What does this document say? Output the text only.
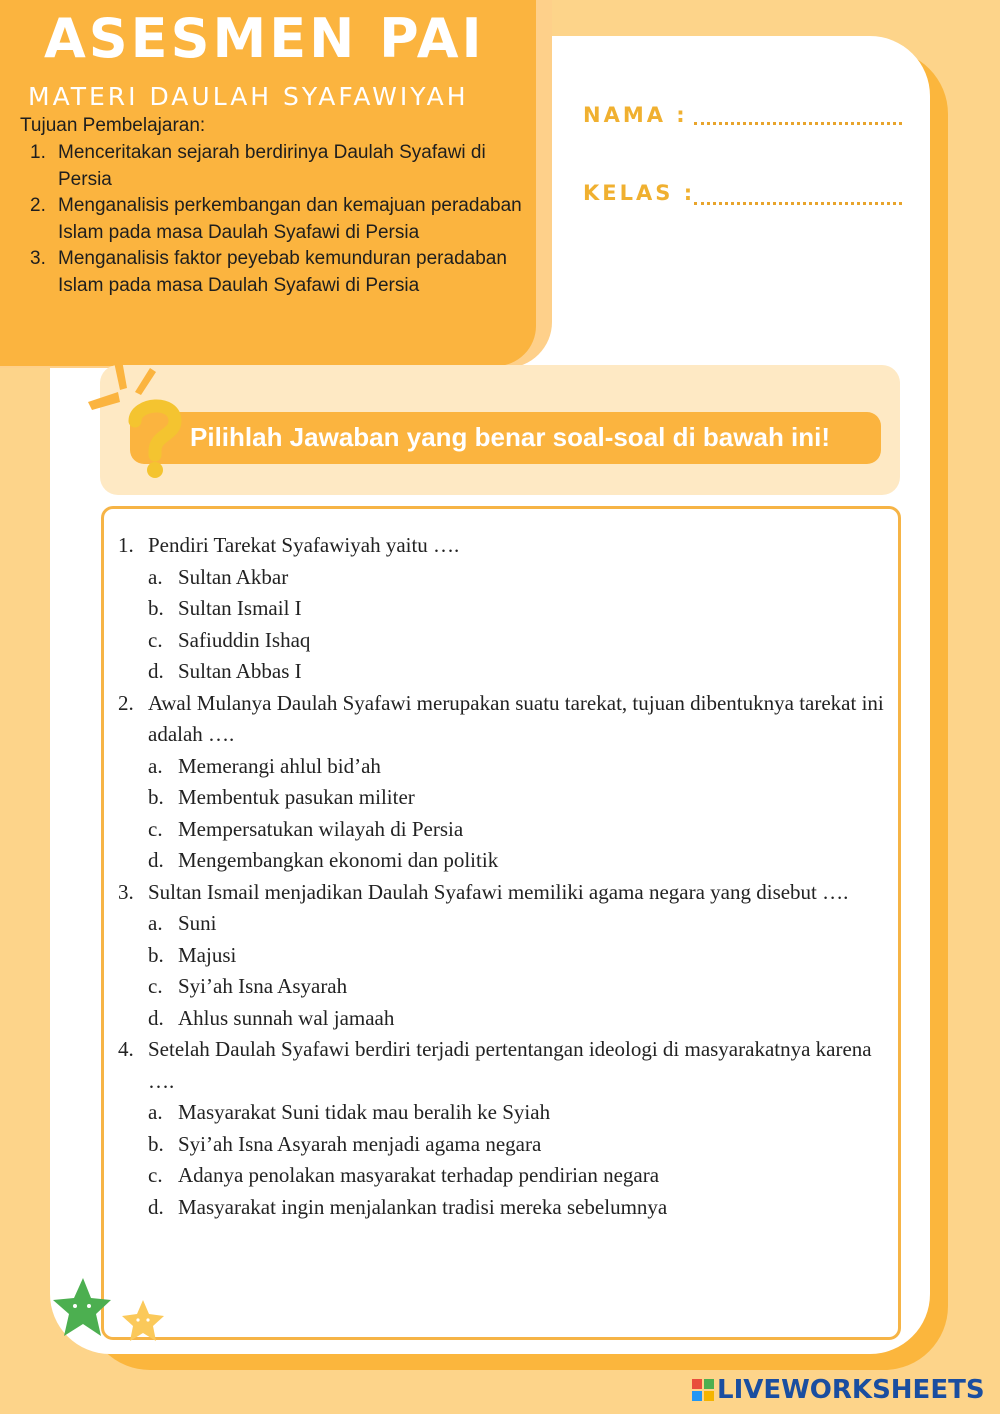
ASESMEN PAI
MATERI DAULAH SYAFAWIYAH
Tujuan Pembelajaran:
1. Menceritakan sejarah berdirinya Daulah Syafawi di Persia
2. Menganalisis perkembangan dan kemajuan peradaban Islam pada masa Daulah Syafawi di Persia
3. Menganalisis faktor peyebab kemunduran peradaban Islam pada masa Daulah Syafawi di Persia
NAMA :
KELAS :
Pilihlah Jawaban yang benar soal-soal di bawah ini!
1. Pendiri Tarekat Syafawiyah yaitu ….
a. Sultan Akbar
b. Sultan Ismail I
c. Safiuddin Ishaq
d. Sultan Abbas I
2. Awal Mulanya Daulah Syafawi merupakan suatu tarekat, tujuan dibentuknya tarekat ini adalah ….
a. Memerangi ahlul bid’ah
b. Membentuk pasukan militer
c. Mempersatukan wilayah di Persia
d. Mengembangkan ekonomi dan politik
3. Sultan Ismail menjadikan Daulah Syafawi memiliki agama negara yang disebut ….
a. Suni
b. Majusi
c. Syi’ah Isna Asyarah
d. Ahlus sunnah wal jamaah
4. Setelah Daulah Syafawi berdiri terjadi pertentangan ideologi di masyarakatnya karena ….
a. Masyarakat Suni tidak mau beralih ke Syiah
b. Syi’ah Isna Asyarah menjadi agama negara
c. Adanya penolakan masyarakat terhadap pendirian negara
d. Masyarakat ingin menjalankan tradisi mereka sebelumnya
LIVEWORKSHEETS
